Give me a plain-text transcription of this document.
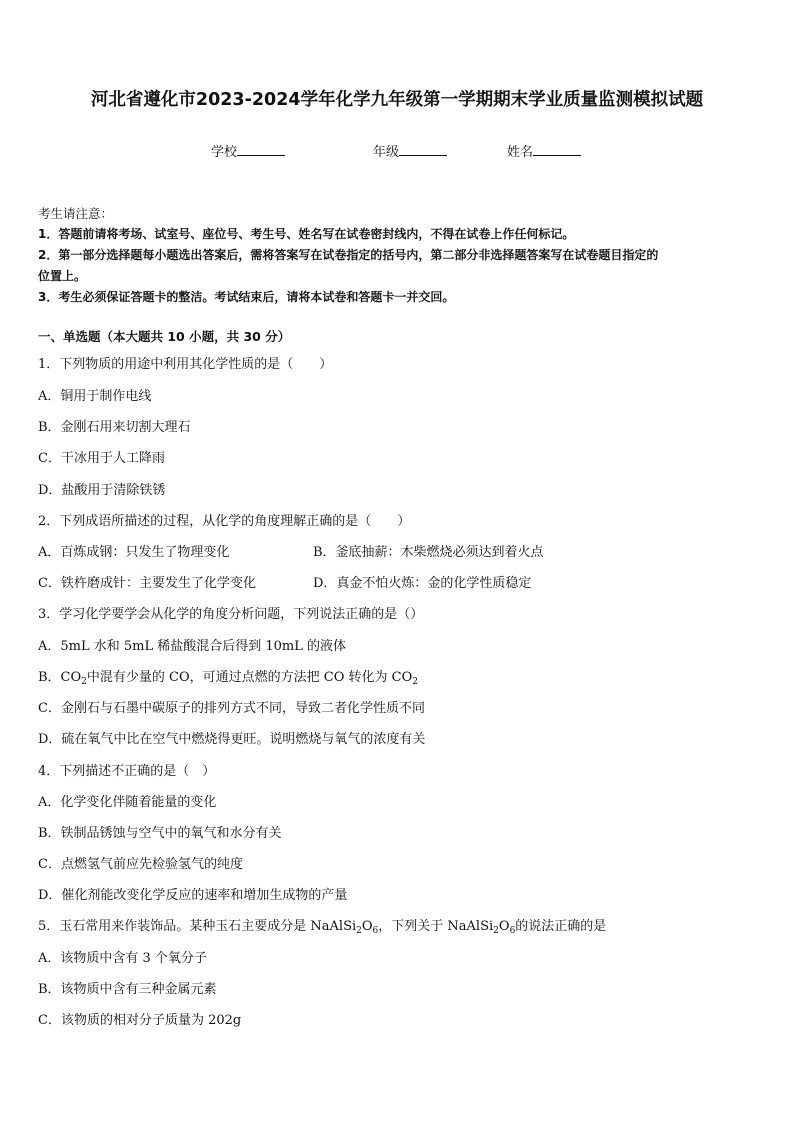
河北省遵化市2023-2024学年化学九年级第一学期期末学业质量监测模拟试题
学校	年级	姓名
考生请注意：
1．答题前请将考场、试室号、座位号、考生号、姓名写在试卷密封线内，不得在试卷上作任何标记。
2．第一部分选择题每小题选出答案后，需将答案写在试卷指定的括号内，第二部分非选择题答案写在试卷题目指定的
位置上。
3．考生必须保证答题卡的整洁。考试结束后，请将本试卷和答题卡一并交回。
一、单选题（本大题共 10 小题，共 30 分）
1．下列物质的用途中利用其化学性质的是（　　）
A．铜用于制作电线
B．金刚石用来切割大理石
C．干冰用于人工降雨
D．盐酸用于清除铁锈
2．下列成语所描述的过程，从化学的角度理解正确的是（　　）
A．百炼成钢：只发生了物理变化	B．釜底抽薪：木柴燃烧必须达到着火点
C．铁杵磨成针：主要发生了化学变化	D．真金不怕火炼：金的化学性质稳定
3．学习化学要学会从化学的角度分析问题，下列说法正确的是（）
A．5mL 水和 5mL 稀盐酸混合后得到 10mL 的液体
B．$CO_2$中混有少量的 CO，可通过点燃的方法把 CO 转化为 $CO_2$
C．金刚石与石墨中碳原子的排列方式不同，导致二者化学性质不同
D．硫在氧气中比在空气中燃烧得更旺。说明燃烧与氧气的浓度有关
4．下列描述不正确的是（　）
A．化学变化伴随着能量的变化
B．铁制品锈蚀与空气中的氧气和水分有关
C．点燃氢气前应先检验氢气的纯度
D．催化剂能改变化学反应的速率和增加生成物的产量
5．玉石常用来作装饰品。某种玉石主要成分是 $NaAlSi_2O_6$，下列关于 $NaAlSi_2O_6$的说法正确的是
A．该物质中含有 3 个氧分子
B．该物质中含有三种金属元素
C．该物质的相对分子质量为 202g
